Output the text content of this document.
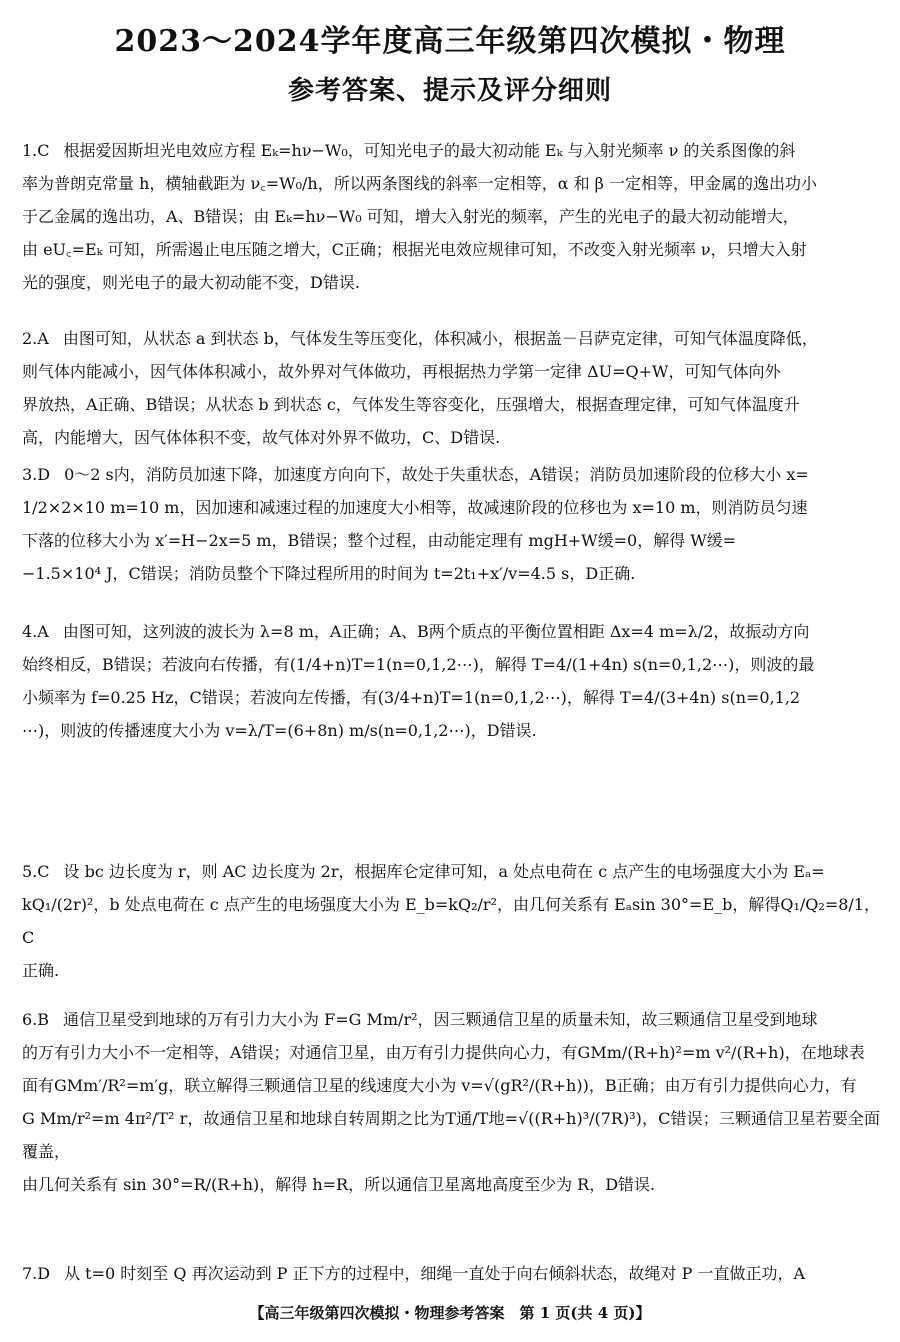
2023～2024学年度高三年级第四次模拟・物理
参考答案、提示及评分细则
1.C 根据爱因斯坦光电效应方程 Eₖ=hν−W₀，可知光电子的最大初动能 Eₖ 与入射光频率 ν 的关系图像的斜
率为普朗克常量 h，横轴截距为 ν꜀=W₀/h，所以两条图线的斜率一定相等，α 和 β 一定相等，甲金属的逸出功小
于乙金属的逸出功，A、B错误；由 Eₖ=hν−W₀ 可知，增大入射光的频率，产生的光电子的最大初动能增大，
由 eU꜀=Eₖ 可知，所需遏止电压随之增大，C正确；根据光电效应规律可知，不改变入射光频率 ν，只增大入射
光的强度，则光电子的最大初动能不变，D错误.
2.A 由图可知，从状态 a 到状态 b，气体发生等压变化，体积减小，根据盖－吕萨克定律，可知气体温度降低，
则气体内能减小，因气体体积减小，故外界对气体做功，再根据热力学第一定律 ΔU=Q+W，可知气体向外
界放热，A正确、B错误；从状态 b 到状态 c，气体发生等容变化，压强增大，根据查理定律，可知气体温度升
高，内能增大，因气体体积不变，故气体对外界不做功，C、D错误.
3.D 0～2 s内，消防员加速下降，加速度方向向下，故处于失重状态，A错误；消防员加速阶段的位移大小 x=
1/2×2×10 m=10 m，因加速和减速过程的加速度大小相等，故减速阶段的位移也为 x=10 m，则消防员匀速
下落的位移大小为 x′=H−2x=5 m，B错误；整个过程，由动能定理有 mgH+W缓=0，解得 W缓=
−1.5×10⁴ J，C错误；消防员整个下降过程所用的时间为 t=2t₁+x′/v=4.5 s，D正确.
4.A 由图可知，这列波的波长为 λ=8 m，A正确；A、B两个质点的平衡位置相距 Δx=4 m=λ/2，故振动方向
始终相反，B错误；若波向右传播，有(1/4+n)T=1(n=0,1,2⋯)，解得 T=4/(1+4n) s(n=0,1,2⋯)，则波的最
小频率为 f=0.25 Hz，C错误；若波向左传播，有(3/4+n)T=1(n=0,1,2⋯)，解得 T=4/(3+4n) s(n=0,1,2
⋯)，则波的传播速度大小为 v=λ/T=(6+8n) m/s(n=0,1,2⋯)，D错误.
5.C 设 bc 边长度为 r，则 AC 边长度为 2r，根据库仑定律可知，a 处点电荷在 c 点产生的电场强度大小为 Eₐ=
kQ₁/(2r)²，b 处点电荷在 c 点产生的电场强度大小为 E_b=kQ₂/r²，由几何关系有 Eₐsin 30°=E_b，解得Q₁/Q₂=8/1，C
正确.
6.B 通信卫星受到地球的万有引力大小为 F=G Mm/r²，因三颗通信卫星的质量未知，故三颗通信卫星受到地球
的万有引力大小不一定相等，A错误；对通信卫星，由万有引力提供向心力，有GMm/(R+h)²=m v²/(R+h)，在地球表
面有GMm′/R²=m′g，联立解得三颗通信卫星的线速度大小为 v=√(gR²/(R+h))，B正确；由万有引力提供向心力，有
G Mm/r²=m 4π²/T² r，故通信卫星和地球自转周期之比为T通/T地=√((R+h)³/(7R)³)，C错误；三颗通信卫星若要全面覆盖，
由几何关系有 sin 30°=R/(R+h)，解得 h=R，所以通信卫星离地高度至少为 R，D错误.
7.D 从 t=0 时刻至 Q 再次运动到 P 正下方的过程中，细绳一直处于向右倾斜状态，故绳对 P 一直做正功，A
【高三年级第四次模拟・物理参考答案　第 1 页(共 4 页)】
